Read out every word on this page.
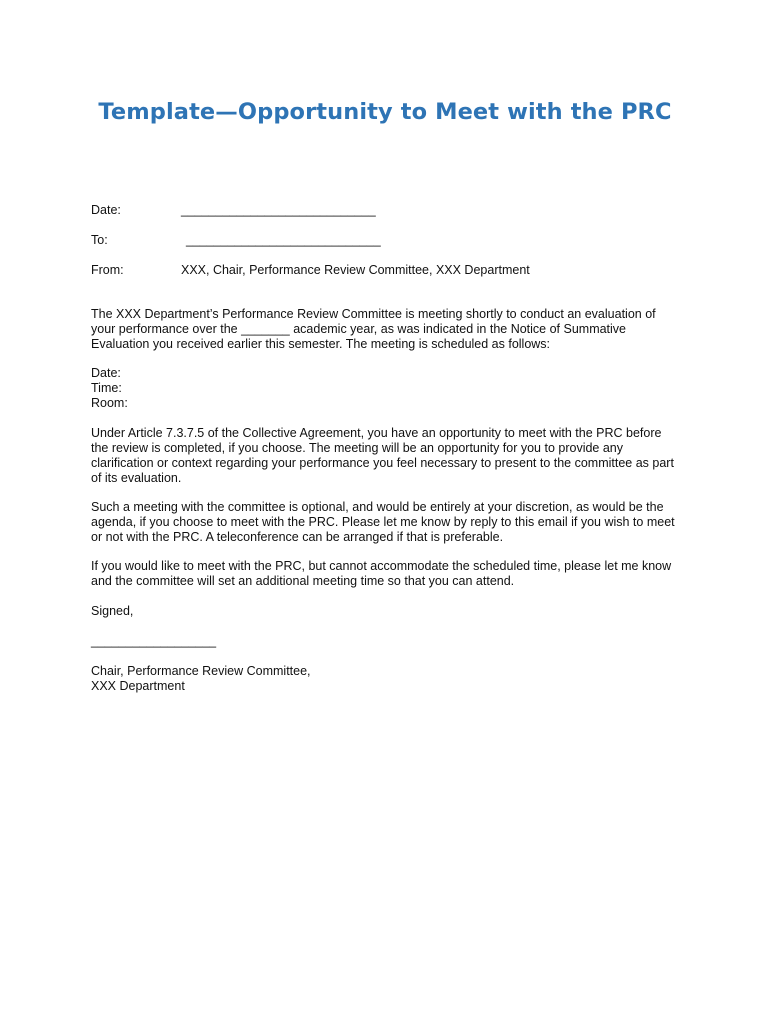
Template—Opportunity to Meet with the PRC
Date:	____________________________
To:	____________________________
From:	XXX, Chair, Performance Review Committee, XXX Department
The XXX Department’s Performance Review Committee is meeting shortly to conduct an evaluation of
your performance over the _______ academic year, as was indicated in the Notice of Summative
Evaluation you received earlier this semester. The meeting is scheduled as follows:
Date:
Time:
Room:
Under Article 7.3.7.5 of the Collective Agreement, you have an opportunity to meet with the PRC before
the review is completed, if you choose. The meeting will be an opportunity for you to provide any
clarification or context regarding your performance you feel necessary to present to the committee as part
of its evaluation.
Such a meeting with the committee is optional, and would be entirely at your discretion, as would be the
agenda, if you choose to meet with the PRC. Please let me know by reply to this email if you wish to meet
or not with the PRC. A teleconference can be arranged if that is preferable.
If you would like to meet with the PRC, but cannot accommodate the scheduled time, please let me know
and the committee will set an additional meeting time so that you can attend.
Signed,
__________________
Chair, Performance Review Committee,
XXX Department
